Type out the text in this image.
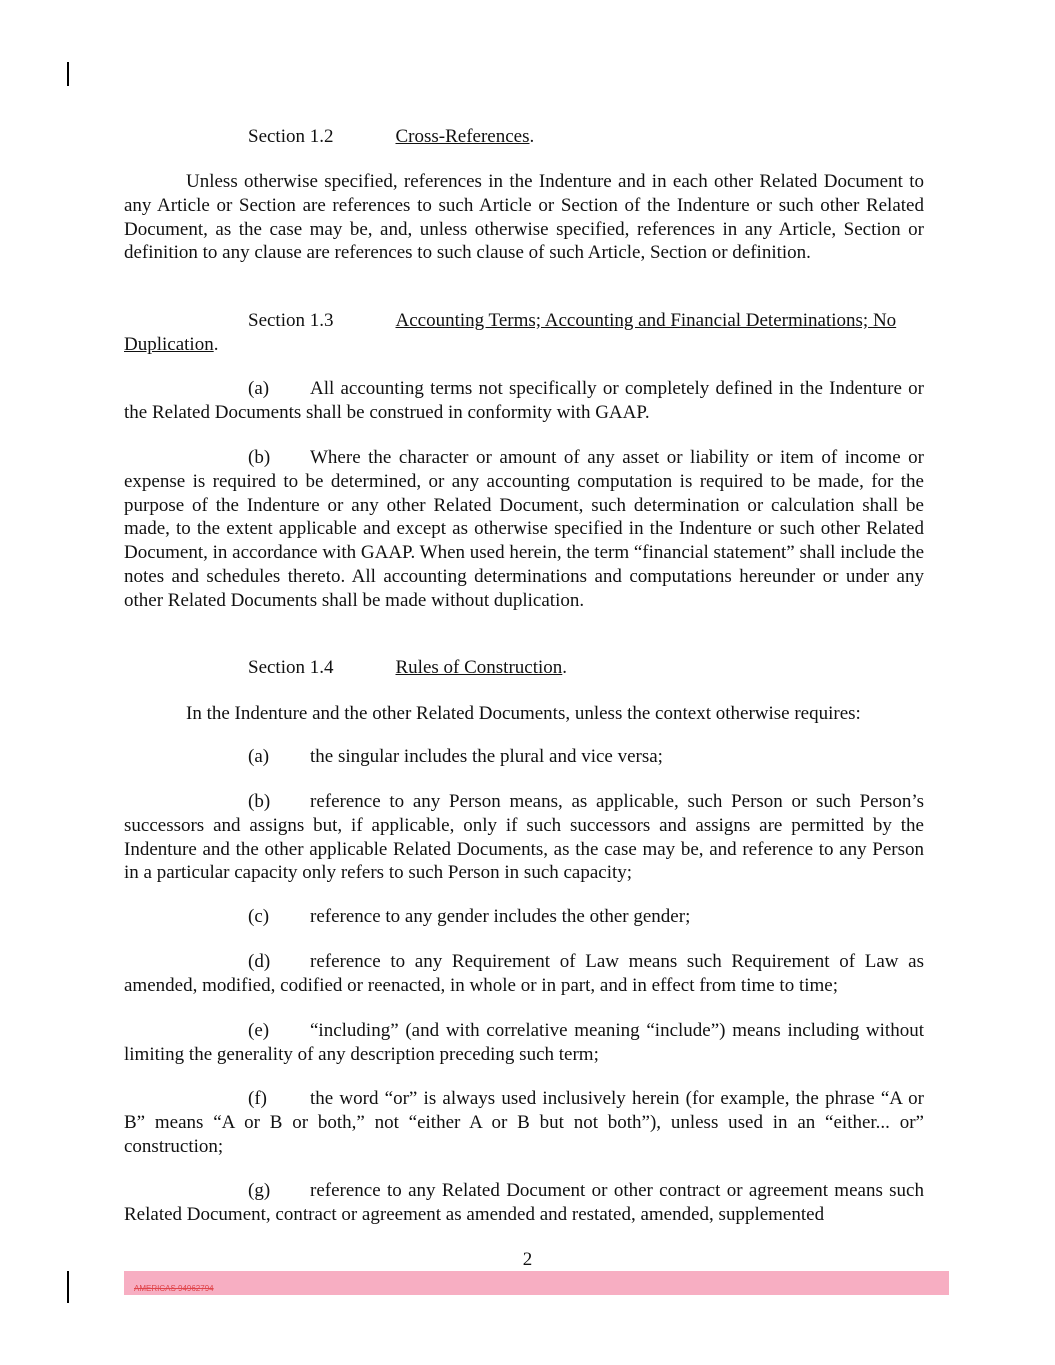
Section 1.2	Cross-References.
Unless otherwise specified, references in the Indenture and in each other Related Document to any Article or Section are references to such Article or Section of the Indenture or such other Related Document, as the case may be, and, unless otherwise specified, references in any Article, Section or definition to any clause are references to such clause of such Article, Section or definition.
Section 1.3	Accounting Terms; Accounting and Financial Determinations; No
Duplication.
(a) All accounting terms not specifically or completely defined in the Indenture or the Related Documents shall be construed in conformity with GAAP.
(b) Where the character or amount of any asset or liability or item of income or expense is required to be determined, or any accounting computation is required to be made, for the purpose of the Indenture or any other Related Document, such determination or calculation shall be made, to the extent applicable and except as otherwise specified in the Indenture or such other Related Document, in accordance with GAAP. When used herein, the term “financial statement” shall include the notes and schedules thereto. All accounting determinations and computations hereunder or under any other Related Documents shall be made without duplication.
Section 1.4	Rules of Construction.
In the Indenture and the other Related Documents, unless the context otherwise requires:
(a) the singular includes the plural and vice versa;
(b) reference to any Person means, as applicable, such Person or such Person’s successors and assigns but, if applicable, only if such successors and assigns are permitted by the Indenture and the other applicable Related Documents, as the case may be, and reference to any Person in a particular capacity only refers to such Person in such capacity;
(c) reference to any gender includes the other gender;
(d) reference to any Requirement of Law means such Requirement of Law as amended, modified, codified or reenacted, in whole or in part, and in effect from time to time;
(e) “including” (and with correlative meaning “include”) means including without limiting the generality of any description preceding such term;
(f) the word “or” is always used inclusively herein (for example, the phrase “A or B” means “A or B or both,” not “either A or B but not both”), unless used in an “either... or” construction;
(g) reference to any Related Document or other contract or agreement means such Related Document, contract or agreement as amended and restated, amended, supplemented
2
AMERICAS 94962794
